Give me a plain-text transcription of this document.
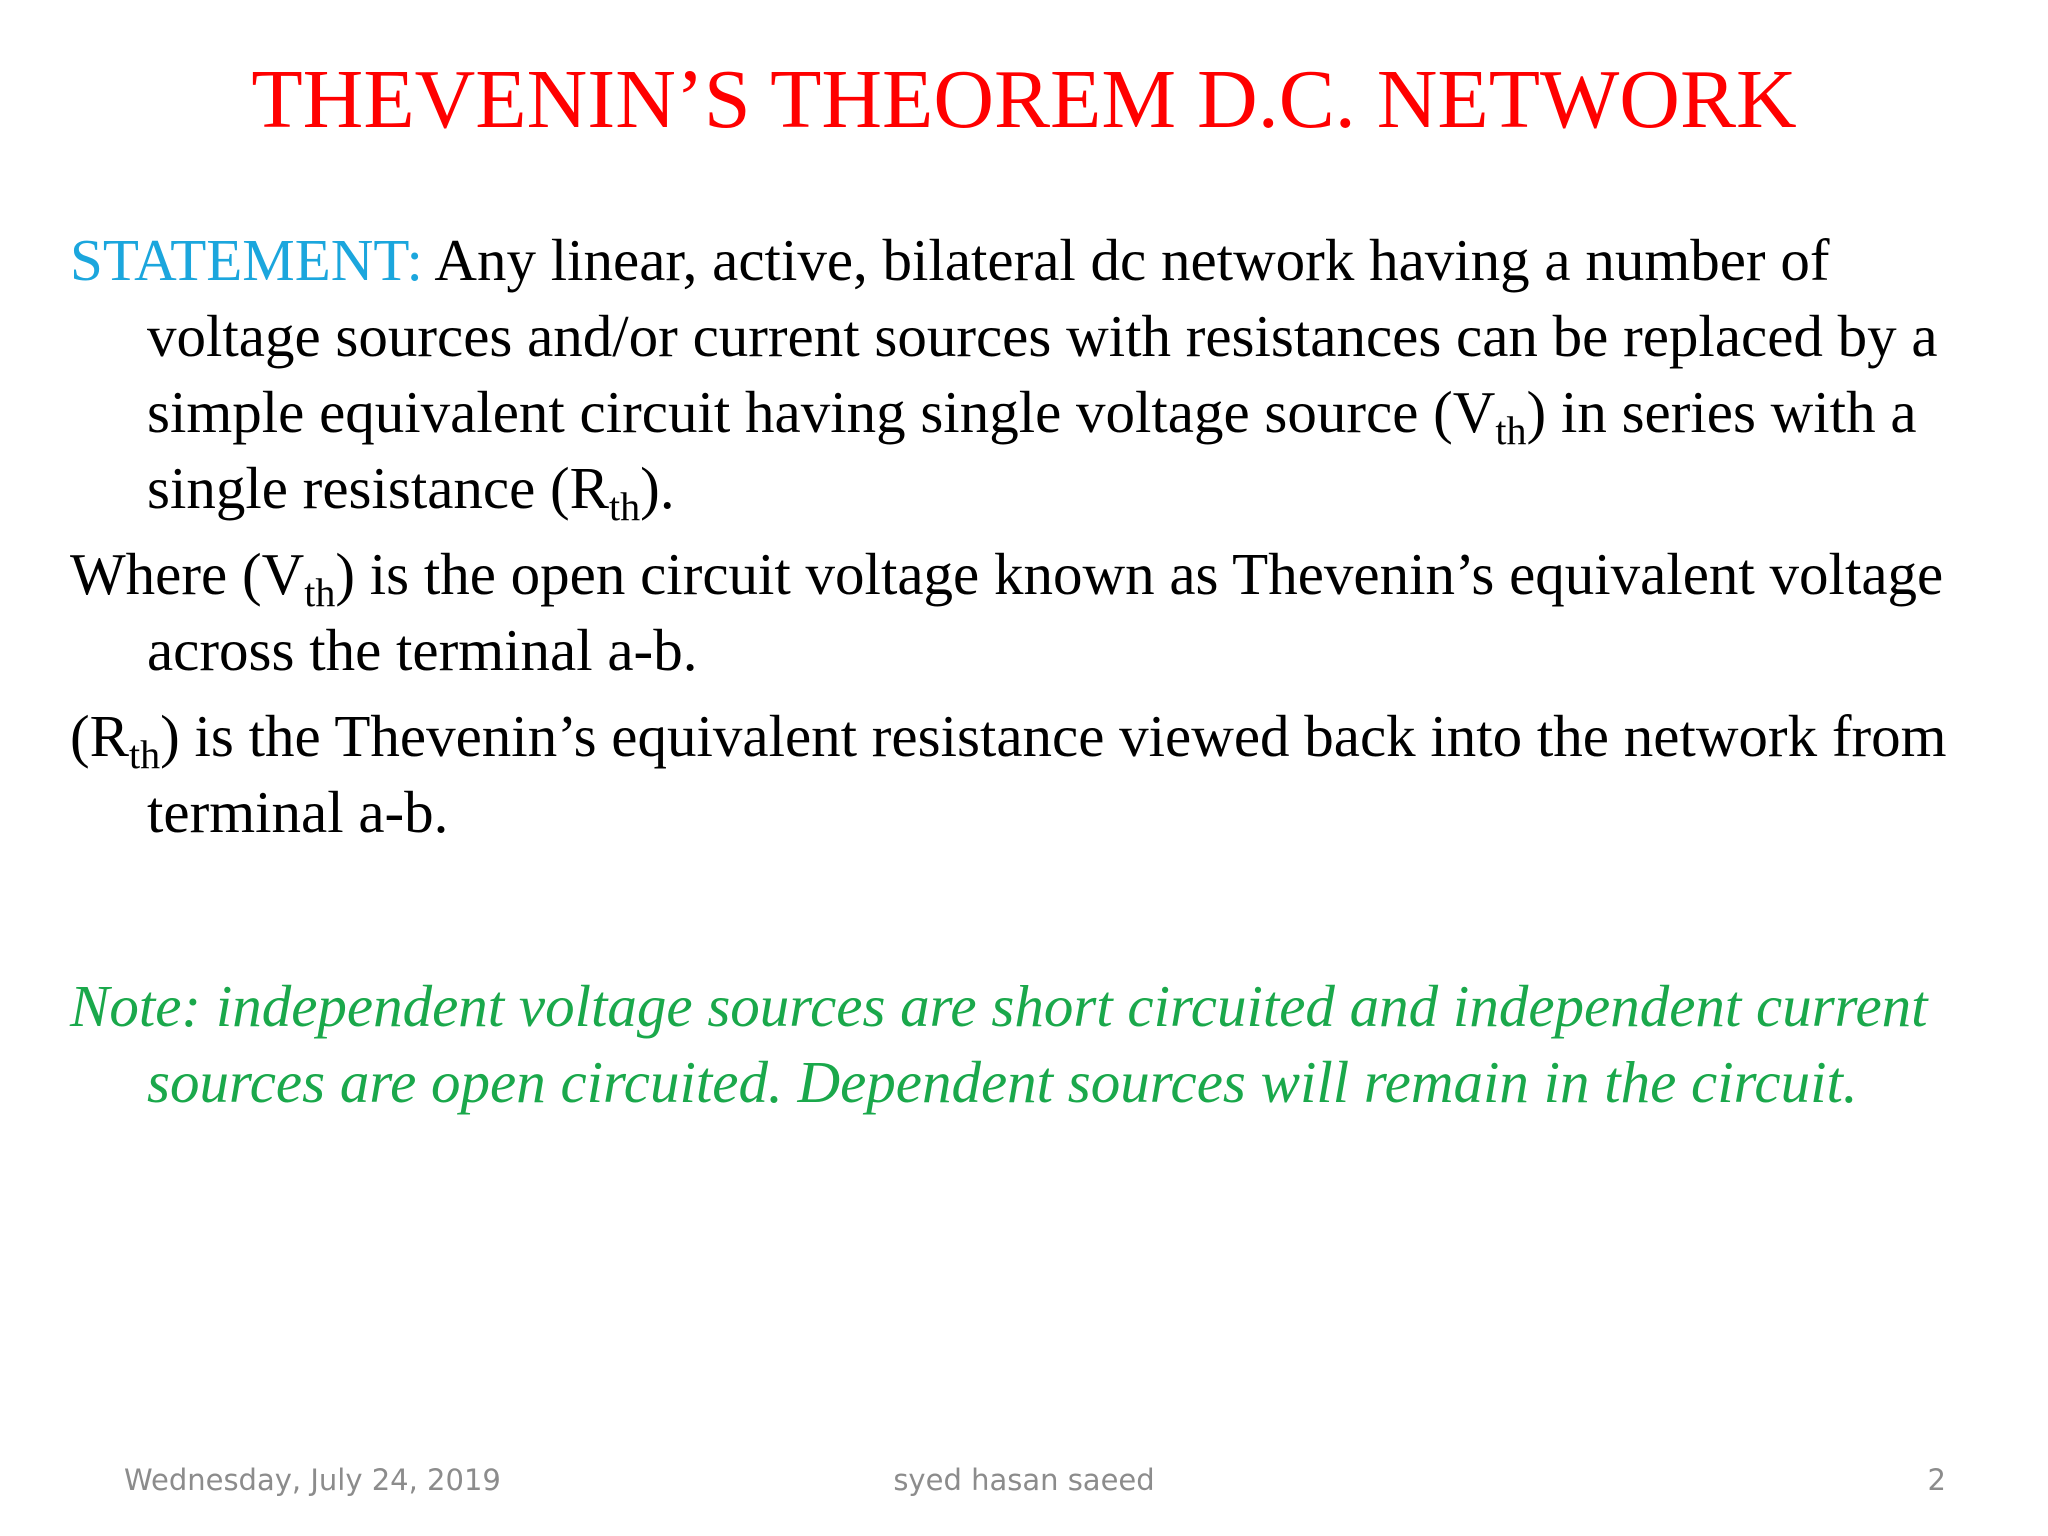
THEVENIN’S THEOREM D.C. NETWORK

STATEMENT: Any linear, active, bilateral dc network having a number of voltage sources and/or current sources with resistances can be replaced by a simple equivalent circuit having single voltage source $(V_{th})$ in series with a single resistance $(R_{th})$.

Where $(V_{th})$ is the open circuit voltage known as Thevenin’s equivalent voltage across the terminal a-b.

$(R_{th})$ is the Thevenin’s equivalent resistance viewed back into the network from terminal a-b.

Note: independent voltage sources are short circuited and independent current sources are open circuited. Dependent sources will remain in the circuit.
Wednesday, July 24, 2019	syed hasan saeed	2
